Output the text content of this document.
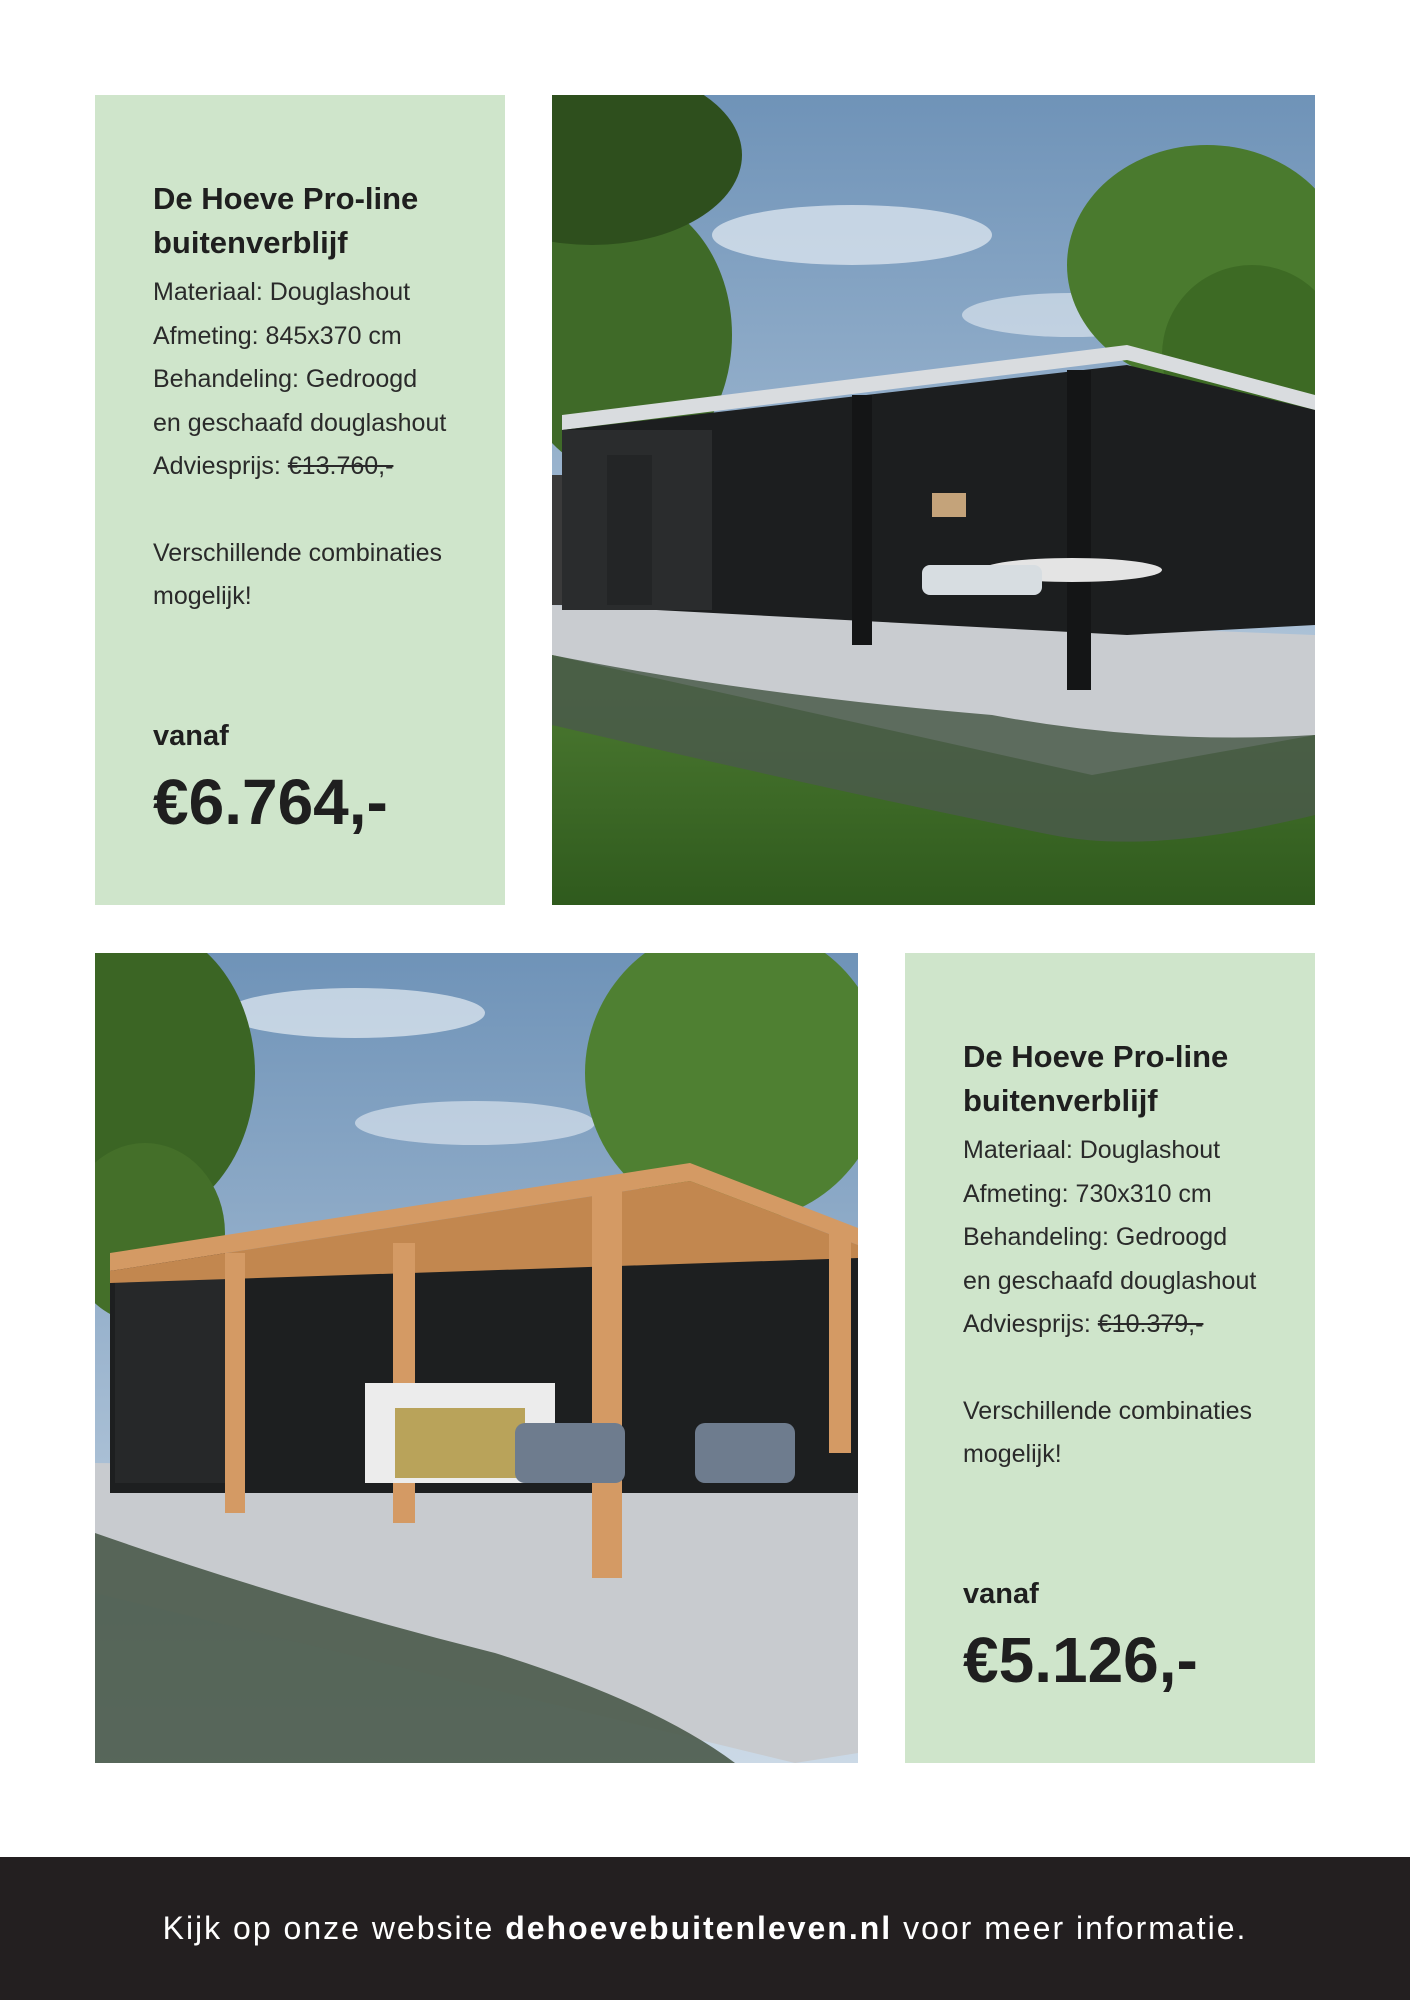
De Hoeve Pro-line

buitenverblijf

Materiaal: Douglashout

Afmeting: 845x370 cm

Behandeling: Gedroogd

en geschaafd douglashout

Adviesprijs: €13.760,-

Verschillende combinaties
mogelijk!
vanaf
€6.764,-

De Hoeve Pro-line

buitenverblijf

Materiaal: Douglashout

Afmeting: 730x310 cm

Behandeling: Gedroogd

en geschaafd douglashout

Adviesprijs: €10.379,-

Verschillende combinaties
mogelijk!
vanaf
€5.126,-
Kijk op onze website dehoevebuitenleven.nl voor meer informatie.
